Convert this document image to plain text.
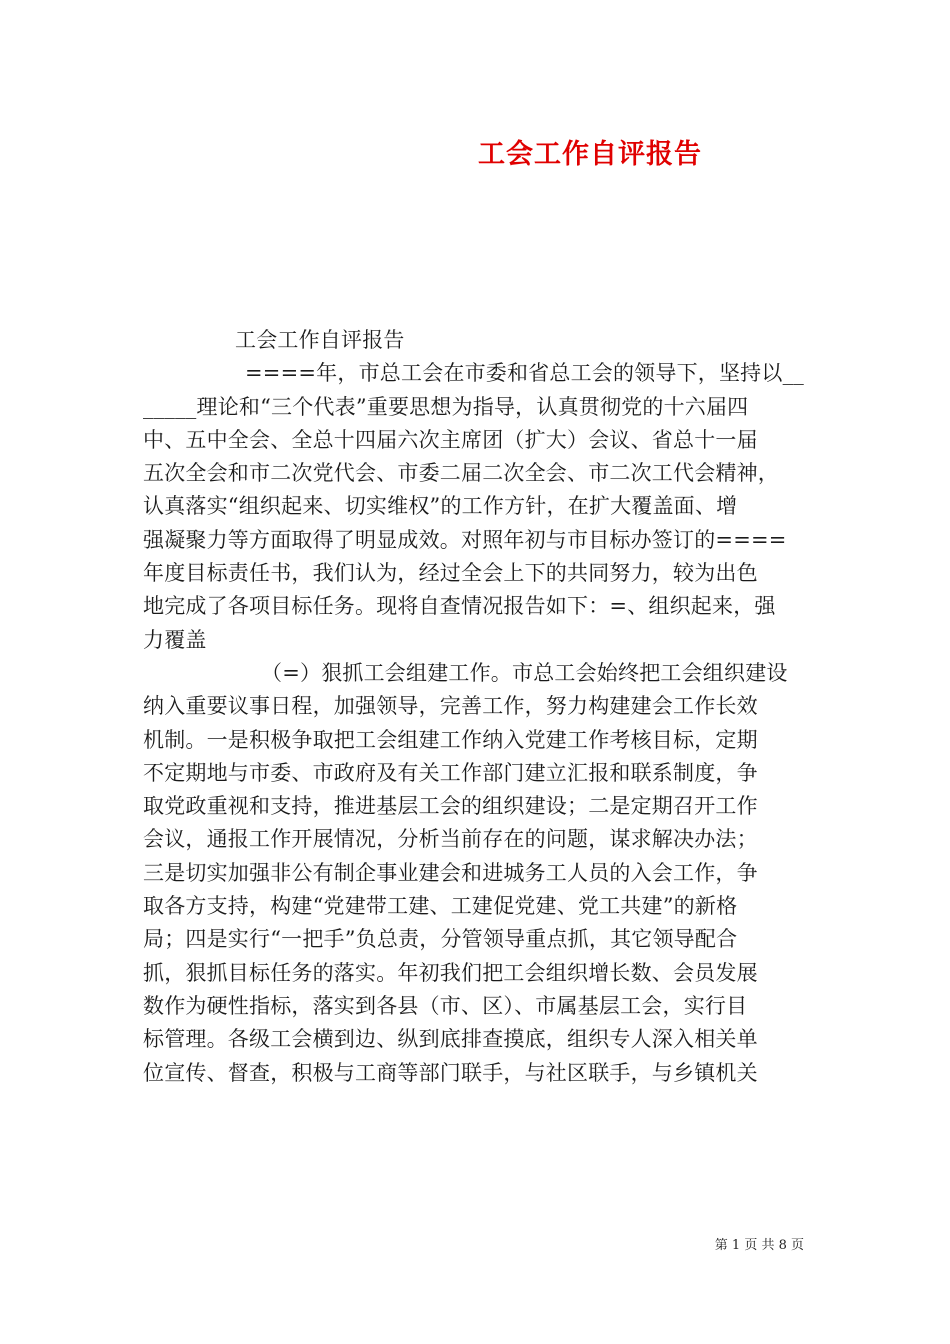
工会工作自评报告
工会工作自评报告
====年，市总工会在市委和省总工会的领导下，坚持以__
_____理论和“三个代表”重要思想为指导，认真贯彻党的十六届四
中、五中全会、全总十四届六次主席团（扩大）会议、省总十一届
五次全会和市二次党代会、市委二届二次全会、市二次工代会精神，
认真落实“组织起来、切实维权”的工作方针，在扩大覆盖面、增
强凝聚力等方面取得了明显成效。对照年初与市目标办签订的====
年度目标责任书，我们认为，经过全会上下的共同努力，较为出色
地完成了各项目标任务。现将自查情况报告如下：=、组织起来，强
力覆盖
（=）狠抓工会组建工作。市总工会始终把工会组织建设
纳入重要议事日程，加强领导，完善工作，努力构建建会工作长效
机制。一是积极争取把工会组建工作纳入党建工作考核目标，定期
不定期地与市委、市政府及有关工作部门建立汇报和联系制度，争
取党政重视和支持，推进基层工会的组织建设；二是定期召开工作
会议，通报工作开展情况，分析当前存在的问题，谋求解决办法；
三是切实加强非公有制企事业建会和进城务工人员的入会工作，争
取各方支持，构建“党建带工建、工建促党建、党工共建”的新格
局；四是实行“一把手”负总责，分管领导重点抓，其它领导配合
抓，狠抓目标任务的落实。年初我们把工会组织增长数、会员发展
数作为硬性指标，落实到各县（市、区）、市属基层工会，实行目
标管理。各级工会横到边、纵到底排查摸底，组织专人深入相关单
位宣传、督查，积极与工商等部门联手，与社区联手，与乡镇机关
第 1 页 共 8 页
